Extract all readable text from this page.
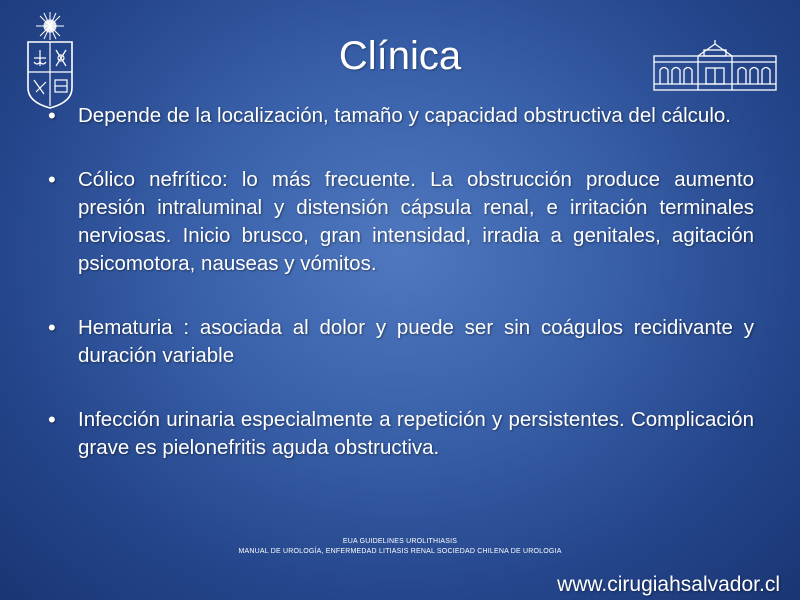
Clínica
• Depende de la localización, tamaño y capacidad obstructiva del cálculo.
• Cólico nefrítico: lo más frecuente. La obstrucción produce aumento presión intraluminal y distensión cápsula renal, e irritación terminales nerviosas. Inicio brusco, gran intensidad, irradia a genitales, agitación psicomotora, nauseas y vómitos.
• Hematuria : asociada al dolor y puede ser sin coágulos recidivante y duración variable
• Infección urinaria especialmente a repetición y persistentes. Complicación grave es pielonefritis aguda obstructiva.
EUA GUIDELINES UROLITHIASIS
MANUAL DE UROLOGÍA, ENFERMEDAD LITIASIS RENAL SOCIEDAD CHILENA DE UROLOGIA
www.cirugiahsalvador.cl
